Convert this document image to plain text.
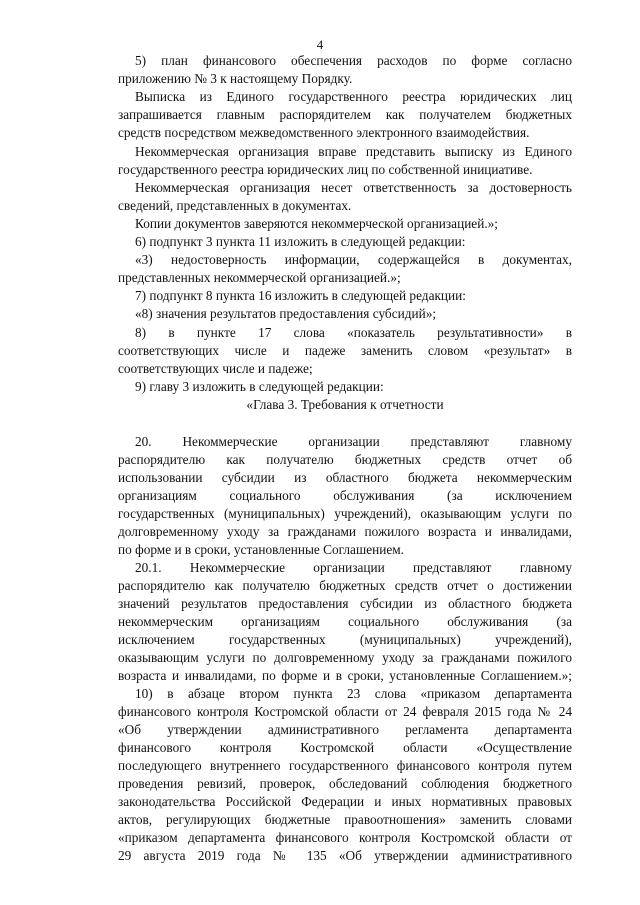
4
5) план финансового обеспечения расходов по форме согласно
приложению № 3 к настоящему Порядку.
Выписка из Единого государственного реестра юридических лиц
запрашивается главным распорядителем как получателем бюджетных
средств посредством межведомственного электронного взаимодействия.
Некоммерческая организация вправе представить выписку из Единого
государственного реестра юридических лиц по собственной инициативе.
Некоммерческая организация несет ответственность за достоверность
сведений, представленных в документах.
Копии документов заверяются некоммерческой организацией.»;
6) подпункт 3 пункта 11 изложить в следующей редакции:
«3) недостоверность информации, содержащейся в документах,
представленных некоммерческой организацией.»;
7) подпункт 8 пункта 16 изложить в следующей редакции:
«8) значения результатов предоставления субсидий»;
8) в пункте 17 слова «показатель результативности» в
соответствующих числе и падеже заменить словом «результат» в
соответствующих числе и падеже;
9) главу 3 изложить в следующей редакции:
«Глава 3. Требования к отчетности
20. Некоммерческие организации представляют главному
распорядителю как получателю бюджетных средств отчет об
использовании субсидии из областного бюджета некоммерческим
организациям социального обслуживания (за исключением
государственных (муниципальных) учреждений), оказывающим услуги по
долговременному уходу за гражданами пожилого возраста и инвалидами,
по форме и в сроки, установленные Соглашением.
20.1. Некоммерческие организации представляют главному
распорядителю как получателю бюджетных средств отчет о достижении
значений результатов предоставления субсидии из областного бюджета
некоммерческим организациям социального обслуживания (за
исключением государственных (муниципальных) учреждений),
оказывающим услуги по долговременному уходу за гражданами пожилого
возраста и инвалидами, по форме и в сроки, установленные Соглашением.»;
10) в абзаце втором пункта 23 слова «приказом департамента
финансового контроля Костромской области от 24 февраля 2015 года № 24
«Об утверждении административного регламента департамента
финансового контроля Костромской области «Осуществление
последующего внутреннего государственного финансового контроля путем
проведения ревизий, проверок, обследований соблюдения бюджетного
законодательства Российской Федерации и иных нормативных правовых
актов, регулирующих бюджетные правоотношения» заменить словами
«приказом департамента финансового контроля Костромской области от
29 августа 2019 года № 135 «Об утверждении административного
